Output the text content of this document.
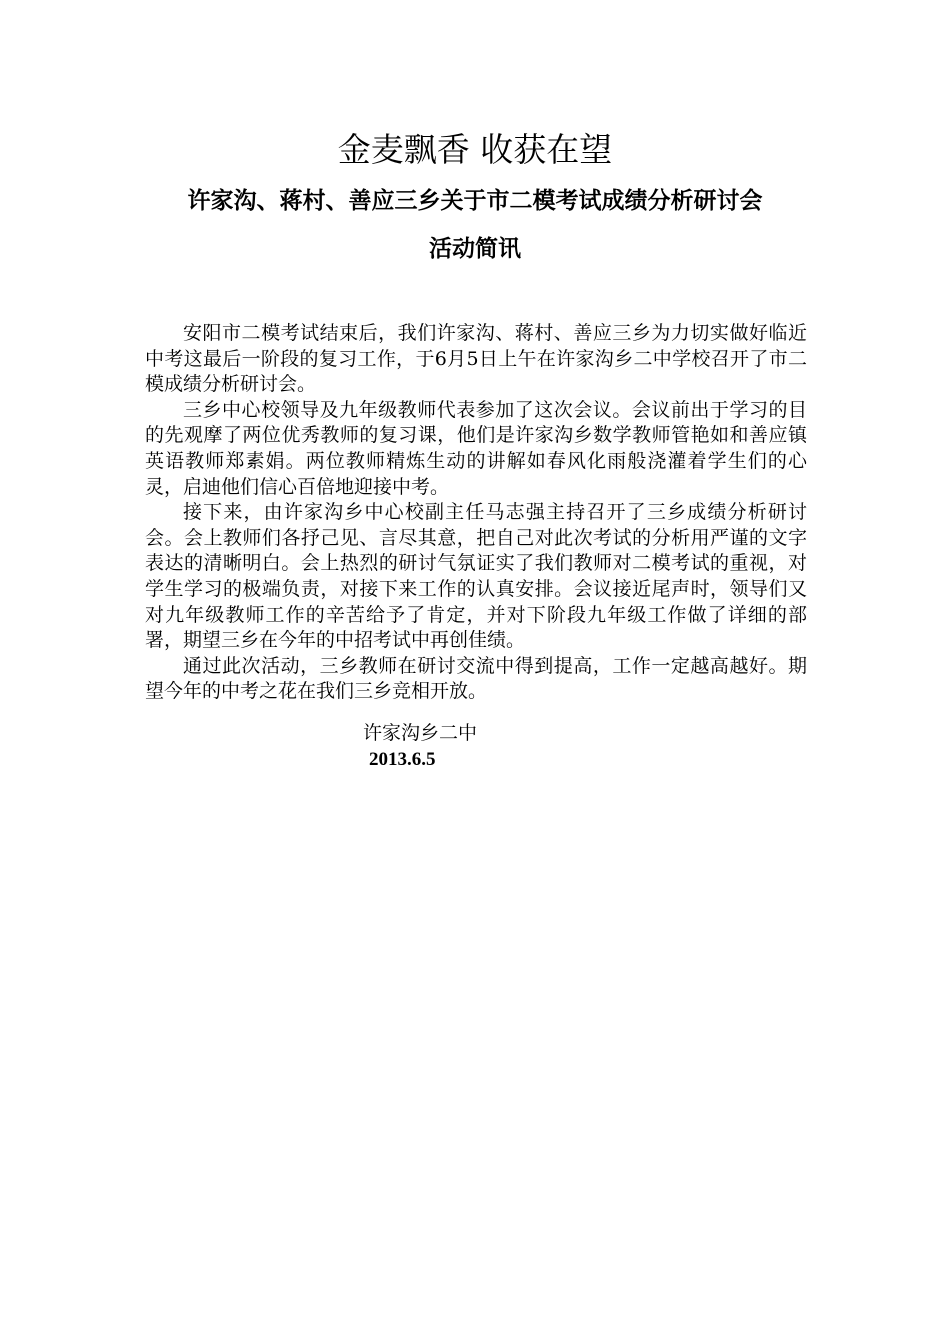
金麦飘香 收获在望
许家沟、蒋村、善应三乡关于市二模考试成绩分析研讨会
活动简讯

安阳市二模考试结束后，我们许家沟、蒋村、善应三乡为力切实做好临近中考这最后一阶段的复习工作，于6月5日上午在许家沟乡二中学校召开了市二模成绩分析研讨会。

三乡中心校领导及九年级教师代表参加了这次会议。会议前出于学习的目的先观摩了两位优秀教师的复习课，他们是许家沟乡数学教师管艳如和善应镇英语教师郑素娟。两位教师精炼生动的讲解如春风化雨般浇灌着学生们的心灵，启迪他们信心百倍地迎接中考。

接下来，由许家沟乡中心校副主任马志强主持召开了三乡成绩分析研讨会。会上教师们各抒己见、言尽其意，把自己对此次考试的分析用严谨的文字表达的清晰明白。会上热烈的研讨气氛证实了我们教师对二模考试的重视，对学生学习的极端负责，对接下来工作的认真安排。会议接近尾声时，领导们又对九年级教师工作的辛苦给予了肯定，并对下阶段九年级工作做了详细的部署，期望三乡在今年的中招考试中再创佳绩。

通过此次活动，三乡教师在研讨交流中得到提高，工作一定越高越好。期望今年的中考之花在我们三乡竞相开放。

许家沟乡二中
2013.6.5
